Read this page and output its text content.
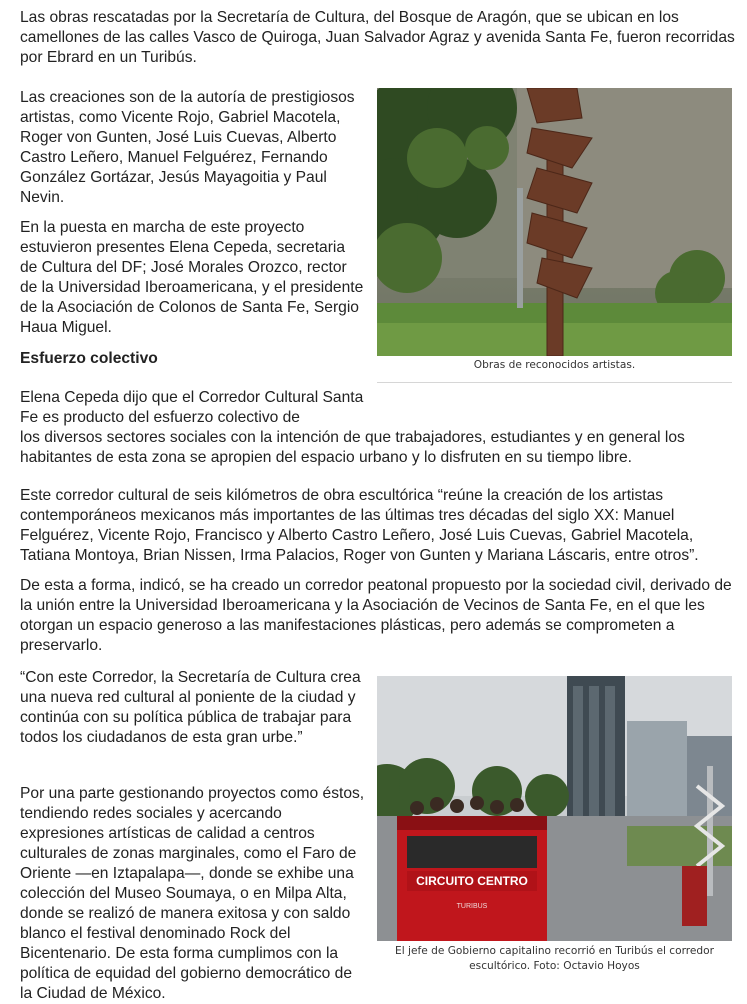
Las obras rescatadas por la Secretaría de Cultura, del Bosque de Aragón, que se ubican en los camellones de las calles Vasco de Quiroga, Juan Salvador Agraz y avenida Santa Fe, fueron recorridas por Ebrard en un Turibús.

Las creaciones son de la autoría de prestigiosos artistas, como Vicente Rojo, Gabriel Macotela, Roger von Gunten, José Luis Cuevas, Alberto Castro Leñero, Manuel Felguérez, Fernando González Gortázar, Jesús Mayagoitia y Paul Nevin.

En la puesta en marcha de este proyecto estuvieron presentes Elena Cepeda, secretaria de Cultura del DF; José Morales Orozco, rector de la Universidad Iberoamericana, y el presidente de la Asociación de Colonos de Santa Fe, Sergio Haua Miguel.

Esfuerzo colectivo

Elena Cepeda dijo que el Corredor Cultural Santa Fe es producto del esfuerzo colectivo de

los diversos sectores sociales con la intención de que trabajadores, estudiantes y en general los habitantes de esta zona se apropien del espacio urbano y lo disfruten en su tiempo libre.

Este corredor cultural de seis kilómetros de obra escultórica “reúne la creación de los artistas contemporáneos mexicanos más importantes de las últimas tres décadas del siglo XX: Manuel Felguérez, Vicente Rojo, Francisco y Alberto Castro Leñero, José Luis Cuevas, Gabriel Macotela, Tatiana Montoya, Brian Nissen, Irma Palacios, Roger von Gunten y Mariana Láscaris, entre otros”.

De esta a forma, indicó, se ha creado un corredor peatonal propuesto por la sociedad civil, derivado de la unión entre la Universidad Iberoamericana y la Asociación de Vecinos de Santa Fe, en el que les otorgan un espacio generoso a las manifestaciones plásticas, pero además se comprometen a preservarlo.

“Con este Corredor, la Secretaría de Cultura crea una nueva red cultural al poniente de la ciudad y continúa con su política pública de trabajar para todos los ciudadanos de esta gran urbe.”

Por una parte gestionando proyectos como éstos, tendiendo redes sociales y acercando expresiones artísticas de calidad a centros culturales de zonas marginales, como el Faro de Oriente —en Iztapalapa—, donde se exhibe una colección del Museo Soumaya, o en Milpa Alta, donde se realizó de manera exitosa y con saldo blanco el festival denominado Rock del Bicentenario. De esta forma cumplimos con la política de equidad del gobierno democrático de la Ciudad de México.

Obras de reconocidos artistas.
CIRCUITO CENTRO
TURIBUS
El jefe de Gobierno capitalino recorrió en Turibús el corredor escultórico. Foto: Octavio Hoyos
